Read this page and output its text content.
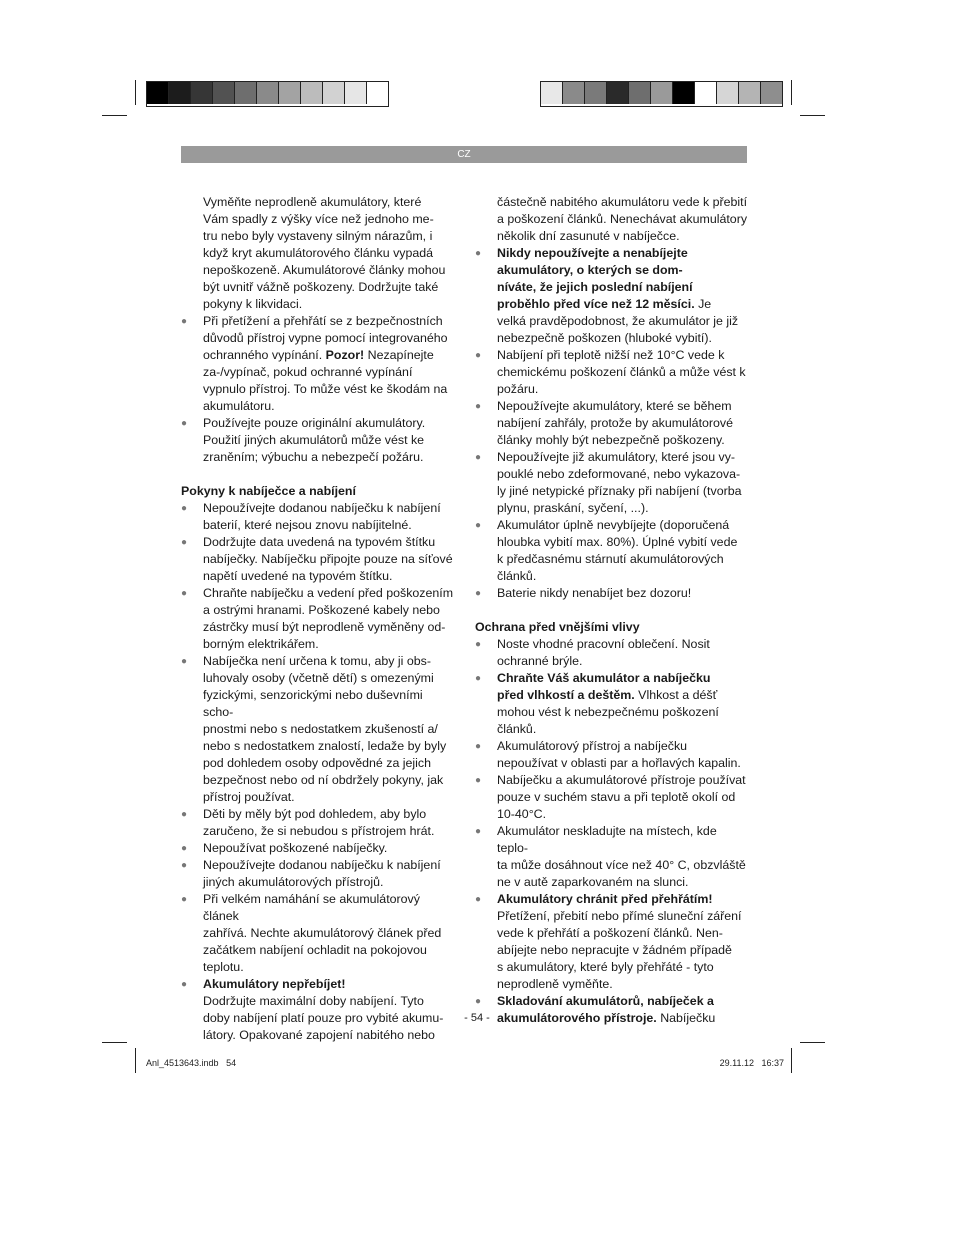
CZ

Vyměňte neprodleně akumulátory, které
Vám spadly z výšky více než jednoho me-
tru nebo byly vystaveny silným nárazům, i
když kryt akumulátorového článku vypadá
nepoškozeně. Akumulátorové články mohou
být uvnitř vážně poškozeny. Dodržujte také
pokyny k likvidaci.

● Při přetížení a přehřátí se z bezpečnostních
důvodů přístroj vypne pomocí integrovaného
ochranného vypínání. Pozor! Nezapínejte
za-/vypínač, pokud ochranné vypínání
vypnulo přístroj. To může vést ke škodám na
akumulátoru.
● Používejte pouze originální akumulátory.
Použití jiných akumulátorů může vést ke
zraněním; výbuchu a nebezpečí požáru.
Pokyny k nabíječce a nabíjení
● Nepoužívejte dodanou nabíječku k nabíjení
baterií, které nejsou znovu nabíjitelné.
● Dodržujte data uvedená na typovém štítku
nabíječky. Nabíječku připojte pouze na síťové
napětí uvedené na typovém štítku.
● Chraňte nabíječku a vedení před poškozením
a ostrými hranami. Poškozené kabely nebo
zástrčky musí být neprodleně vyměněny od-
borným elektrikářem.
● Nabíječka není určena k tomu, aby ji obs-
luhovaly osoby (včetně dětí) s omezenými
fyzickými, senzorickými nebo duševními scho-
pnostmi nebo s nedostatkem zkušeností a/
nebo s nedostatkem znalostí, ledaže by byly
pod dohledem osoby odpovědné za jejich
bezpečnost nebo od ní obdržely pokyny, jak
přístroj používat.
● Děti by měly být pod dohledem, aby bylo
zaručeno, že si nebudou s přístrojem hrát.
● Nepoužívat poškozené nabíječky.
● Nepoužívejte dodanou nabíječku k nabíjení
jiných akumulátorových přístrojů.
● Při velkém namáhání se akumulátorový článek
zahřívá. Nechte akumulátorový článek před
začátkem nabíjení ochladit na pokojovou
teplotu.
● Akumulátory nepřebíjet!
Dodržujte maximální doby nabíjení. Tyto
doby nabíjení platí pouze pro vybité akumu-
látory. Opakované zapojení nabitého nebo

částečně nabitého akumulátoru vede k přebití
a poškození článků. Nenechávat akumulátory
několik dní zasunuté v nabíječce.

● Nikdy nepoužívejte a nenabíjejte
akumulátory, o kterých se dom-
níváte, že jejich poslední nabíjení
proběhlo před více než 12 měsíci. Je
velká pravděpodobnost, že akumulátor je již
nebezpečně poškozen (hluboké vybití).
● Nabíjení při teplotě nižší než 10°C vede k
chemickému poškození článků a může vést k
požáru.
● Nepoužívejte akumulátory, které se během
nabíjení zahřály, protože by akumulátorové
články mohly být nebezpečně poškozeny.
● Nepoužívejte již akumulátory, které jsou vy-
pouklé nebo zdeformované, nebo vykazova-
ly jiné netypické příznaky při nabíjení (tvorba
plynu, praskání, syčení, ...).
● Akumulátor úplně nevybíjejte (doporučená
hloubka vybití max. 80%). Úplné vybití vede
k předčasnému stárnutí akumulátorových
článků.
● Baterie nikdy nenabíjet bez dozoru!
Ochrana před vnějšími vlivy
● Noste vhodné pracovní oblečení. Nosit
ochranné brýle.
● Chraňte Váš akumulátor a nabíječku
před vlhkostí a deštěm. Vlhkost a déšť
mohou vést k nebezpečnému poškození
článků.
● Akumulátorový přístroj a nabíječku
nepoužívat v oblasti par a hořlavých kapalin.
● Nabíječku a akumulátorové přístroje používat
pouze v suchém stavu a při teplotě okolí od
10-40°C.
● Akumulátor neskladujte na místech, kde teplo-
ta může dosáhnout více než 40° C, obzvláště
ne v autě zaparkovaném na slunci.
● Akumulátory chránit před přehřátím!
Přetížení, přebití nebo přímé sluneční záření
vede k přehřátí a poškození článků. Nen-
abíjejte nebo nepracujte v žádném případě
s akumulátory, které byly přehřáté - tyto
neprodleně vyměňte.
● Skladování akumulátorů, nabíječek a
akumulátorového přístroje. Nabíječku
- 54 -
Anl_4513643.indb   54	29.11.12   16:37
